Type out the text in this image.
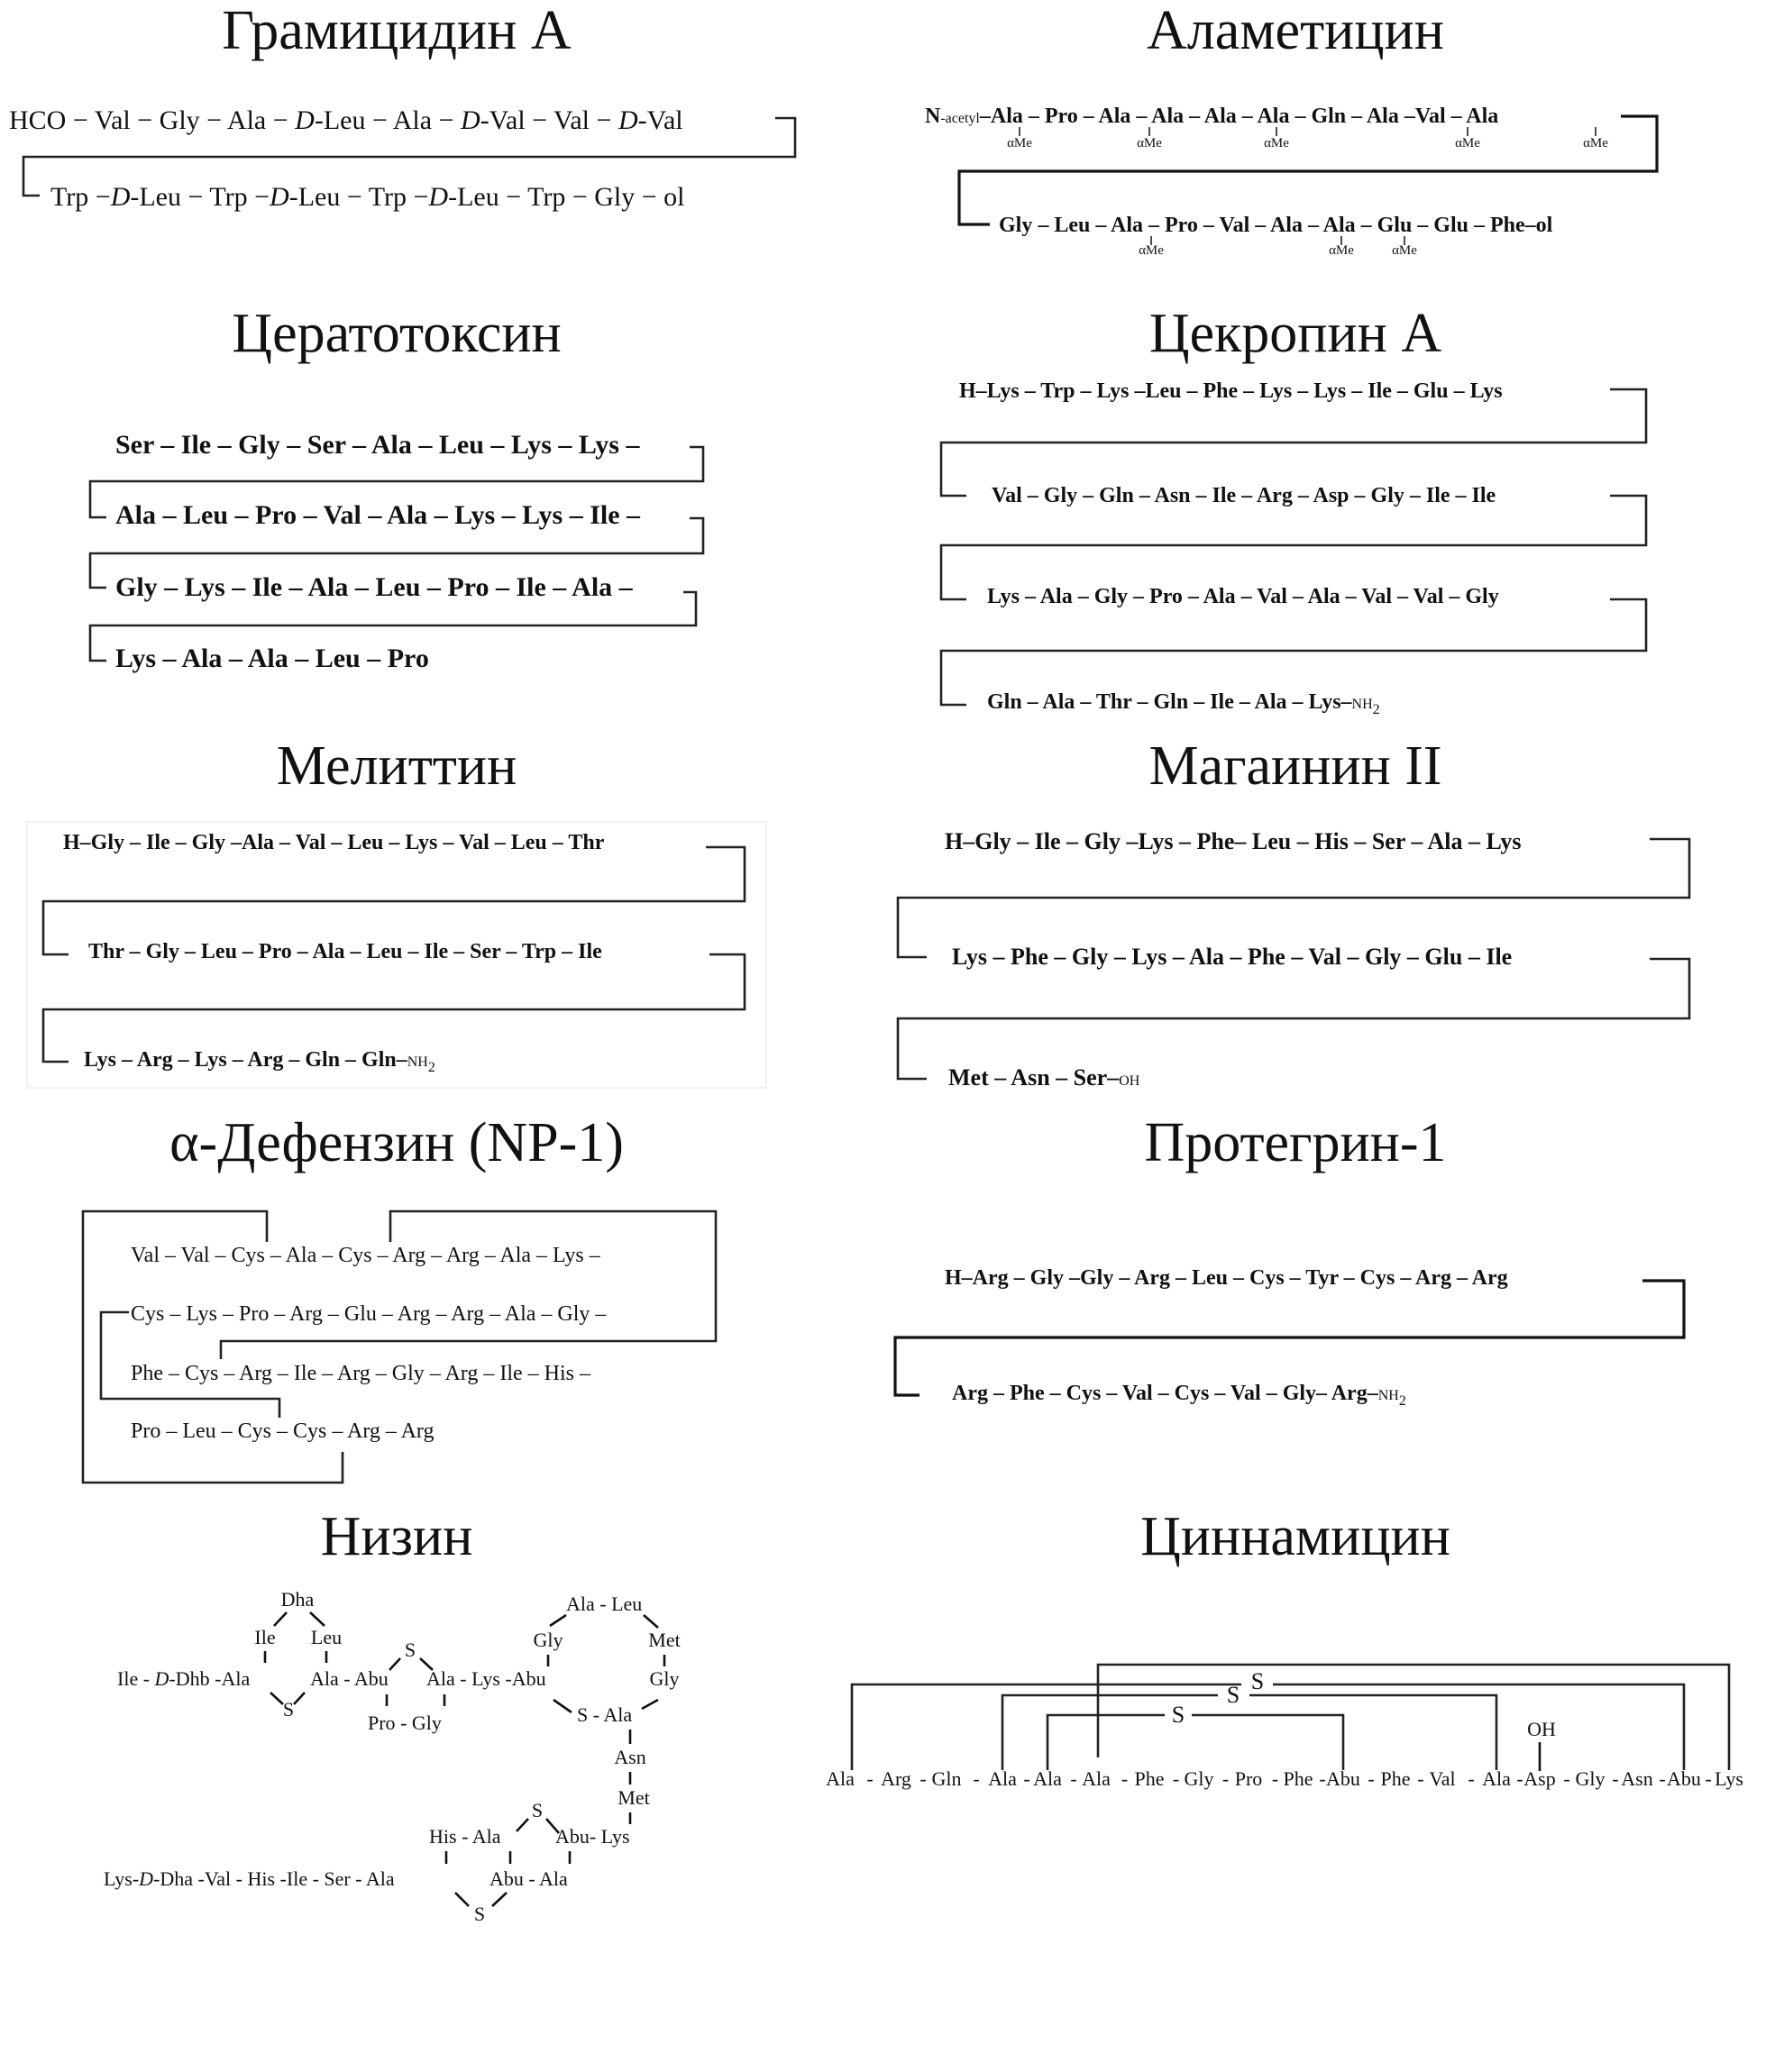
Грамицидин А
HCO − Val − Gly − Ala − D-Leu − Ala − D-Val − Val − D-Val
Trp −D-Leu − Trp −D-Leu − Trp −D-Leu − Trp − Gly − ol
Аламетицин
N-acetyl–Ala – Pro – Ala – Ala – Ala – Ala – Gln – Ala –Val – Ala
αMe	αMe	αMe	αMe	αMe
Gly – Leu – Ala – Pro – Val – Ala – Ala – Glu – Glu – Phe–ol
αMe	αMe	αMe
Цератотоксин
Ser – Ile – Gly – Ser – Ala – Leu – Lys – Lys –
Ala – Leu – Pro – Val – Ala – Lys – Lys – Ile –
Gly – Lys – Ile – Ala – Leu – Pro – Ile – Ala –
Lys – Ala – Ala – Leu – Pro
Цекропин А
H–Lys – Trp – Lys –Leu – Phe – Lys – Lys – Ile – Glu – Lys
Val – Gly – Gln – Asn – Ile – Arg – Asp – Gly – Ile – Ile
Lys – Ala – Gly – Pro – Ala – Val – Ala – Val – Val – Gly
Gln – Ala – Thr – Gln – Ile – Ala – Lys–$NH_2$
Мелиттин
H–Gly – Ile – Gly –Ala – Val – Leu – Lys – Val – Leu – Thr
Thr – Gly – Leu – Pro – Ala – Leu – Ile – Ser – Trp – Ile
Lys – Arg – Lys – Arg – Gln – Gln–$NH_2$
Магаинин II
H–Gly – Ile – Gly –Lys – Phe– Leu – His – Ser – Ala – Lys
Lys – Phe – Gly – Lys – Ala – Phe – Val – Gly – Glu – Ile
Met – Asn – Ser–OH
α-Дефензин (NP-1)
Val – Val – Cys – Ala – Cys – Arg – Arg – Ala – Lys –
Cys – Lys – Pro – Arg – Glu – Arg – Arg – Ala – Gly –
Phe – Cys – Arg – Ile – Arg – Gly – Arg – Ile – His –
Pro – Leu – Cys – Cys – Arg – Arg
Протегрин-1
H–Arg – Gly –Gly – Arg – Leu – Cys – Tyr – Cys – Arg – Arg
Arg – Phe – Cys – Val – Cys – Val – Gly– Arg–$NH_2$
Низин
Dha
Ile Leu
Ile - D-Dhb -Ala	Ala - Abu
S
S
Ala - Lys -Abu
Pro - Gly
Ala - Leu
Gly	Met
Gly
S - Ala
Asn
Met
S
His - Ala	Abu- Lys
Lys-D-Dha -Val - His -Ile - Ser - Ala	Abu - Ala
S
Циннамицин
Ala - Arg - Gln - Ala - Ala - Ala - Phe - Gly - Pro - Phe - Abu - Phe - Val - Ala - Asp - Gly - Asn - Abu - Lys
S
S
S
OH
